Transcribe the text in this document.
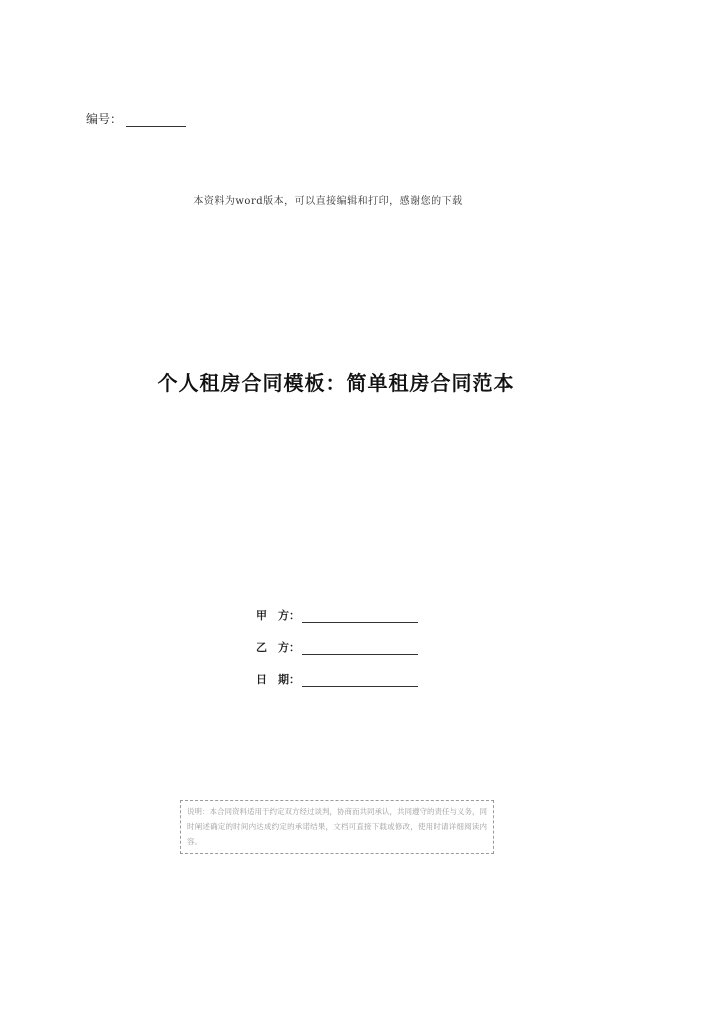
编号：
本资料为word版本，可以直接编辑和打印，感谢您的下载
个人租房合同模板：简单租房合同范本
甲　方：
乙　方：
日　期：
说明：本合同资料适用于约定双方经过谈判，协商而共同承认，共同遵守的责任与义务，同时阐述确定的时间内达成约定的承诺结果，文档可直接下载或修改，使用时请详细阅读内容。
